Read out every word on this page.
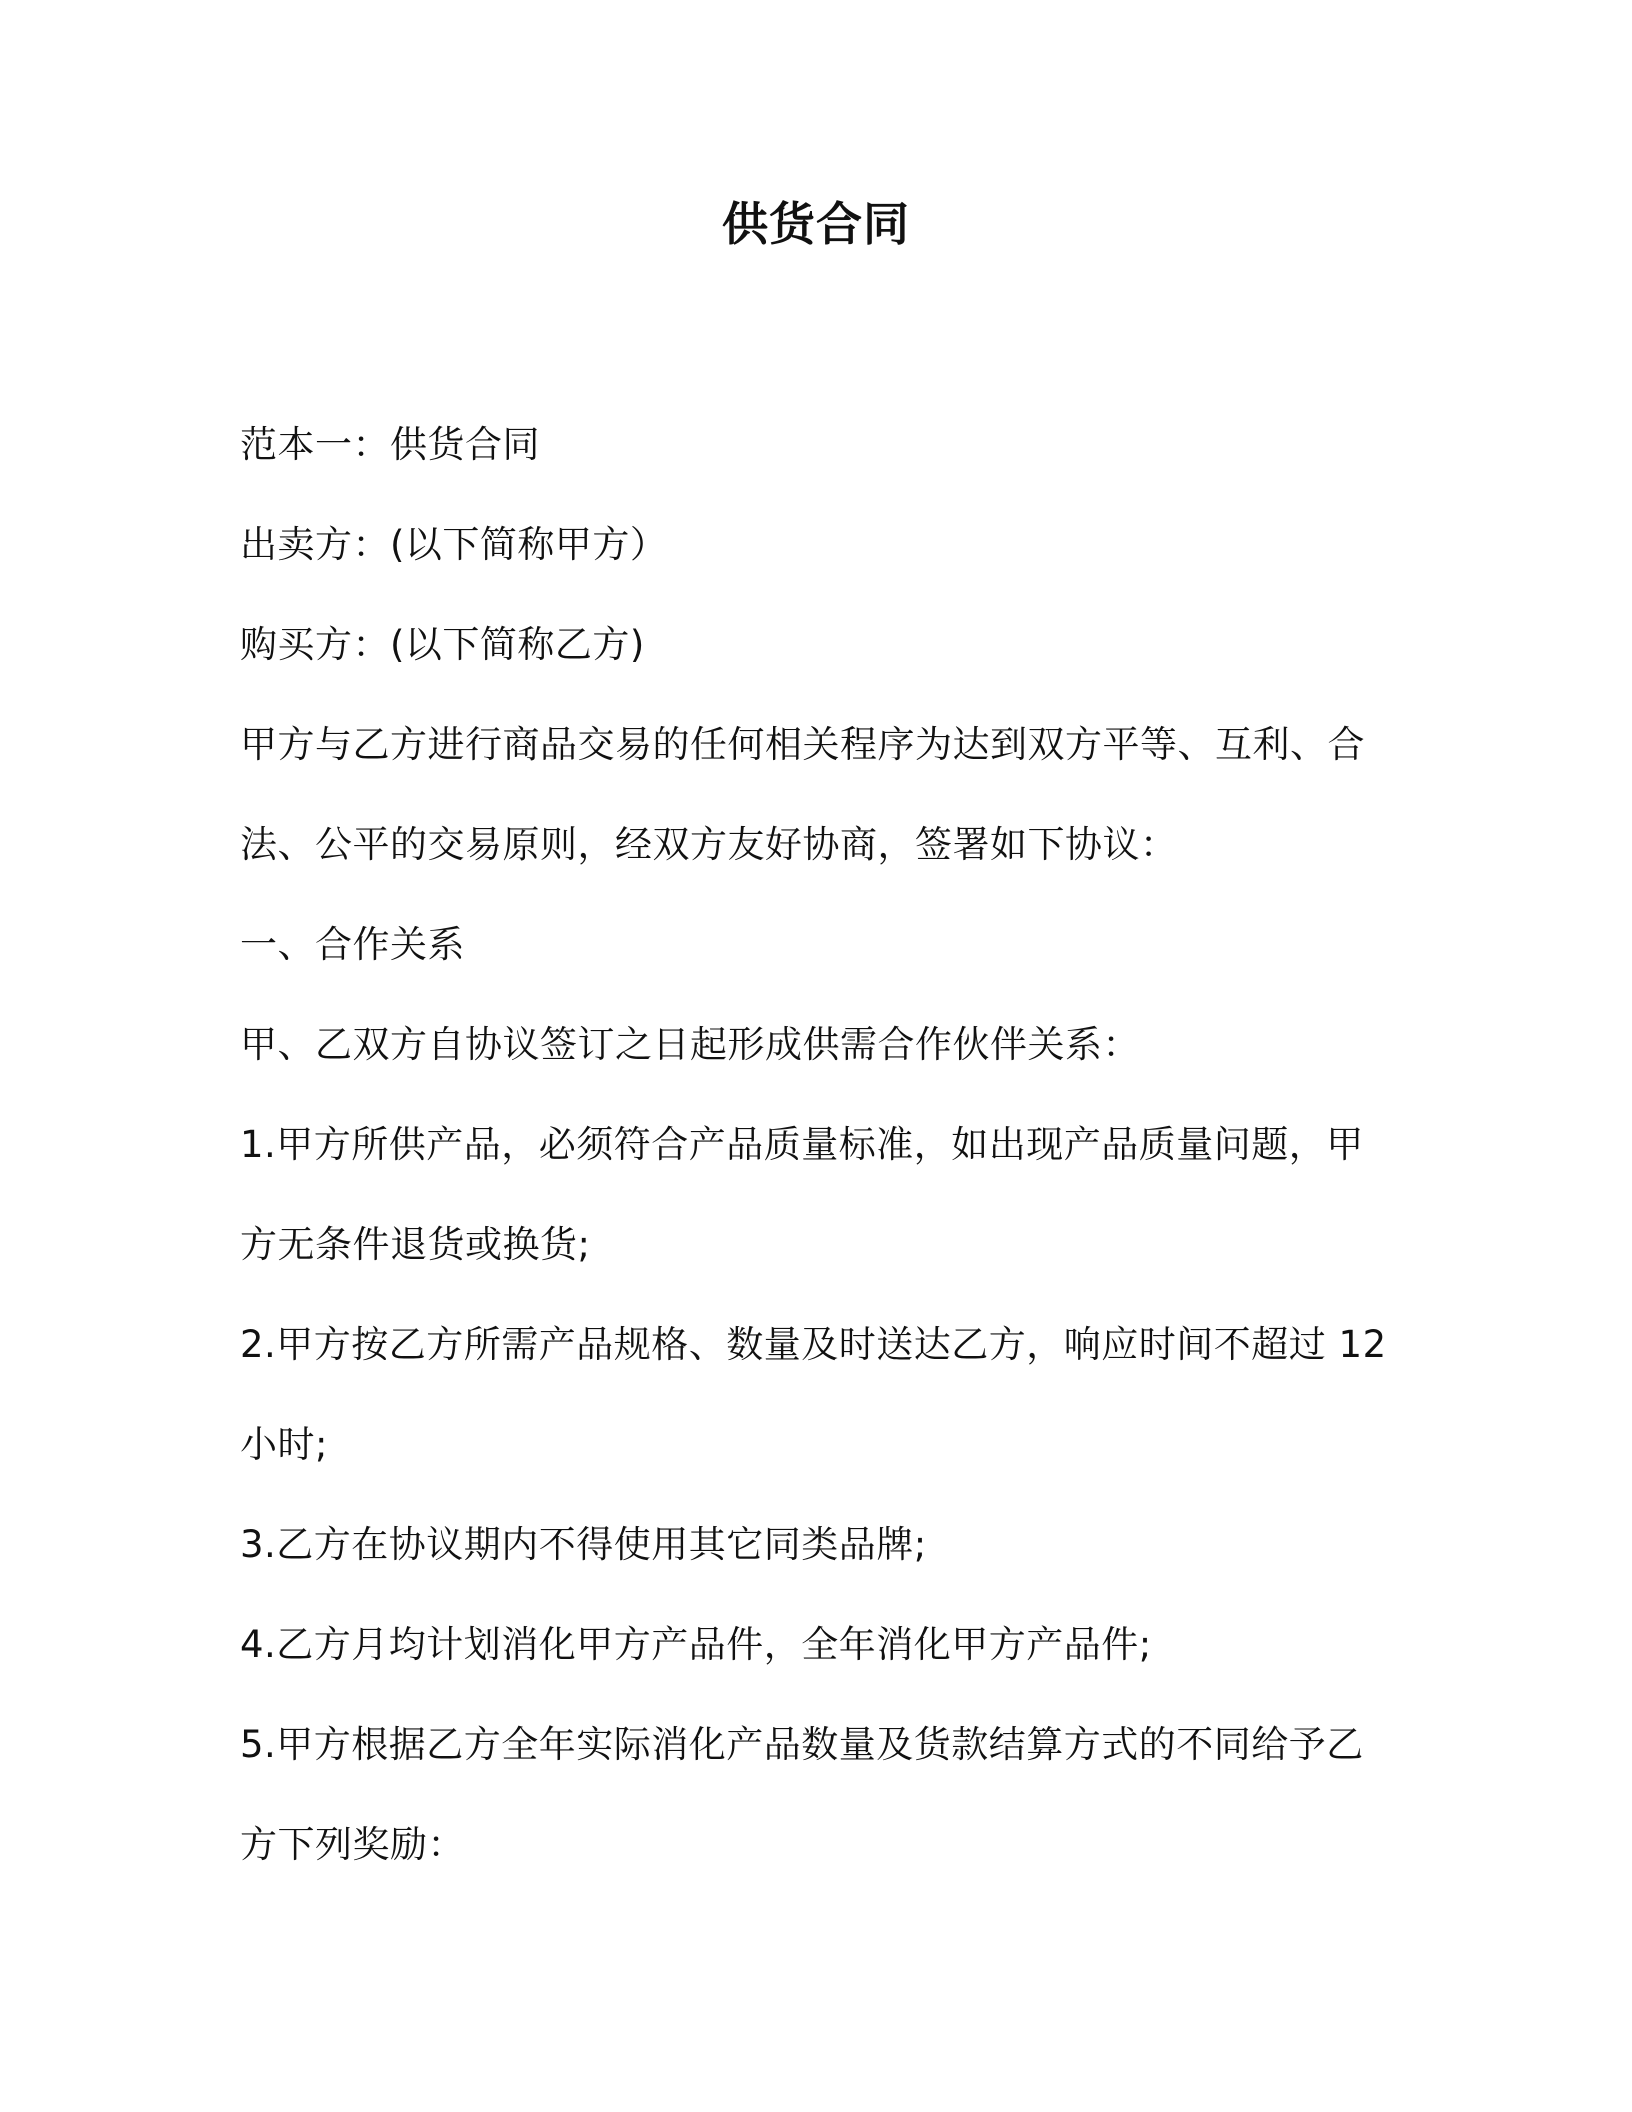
供货合同
范本一：供货合同
出卖方：(以下简称甲方）
购买方：(以下简称乙方)
甲方与乙方进行商品交易的任何相关程序为达到双方平等、互利、合
法、公平的交易原则，经双方友好协商，签署如下协议：
一、合作关系
甲、乙双方自协议签订之日起形成供需合作伙伴关系：
1.甲方所供产品，必须符合产品质量标准，如出现产品质量问题，甲
方无条件退货或换货;
2.甲方按乙方所需产品规格、数量及时送达乙方，响应时间不超过 12
小时;
3.乙方在协议期内不得使用其它同类品牌;
4.乙方月均计划消化甲方产品件，全年消化甲方产品件;
5.甲方根据乙方全年实际消化产品数量及货款结算方式的不同给予乙
方下列奖励：
